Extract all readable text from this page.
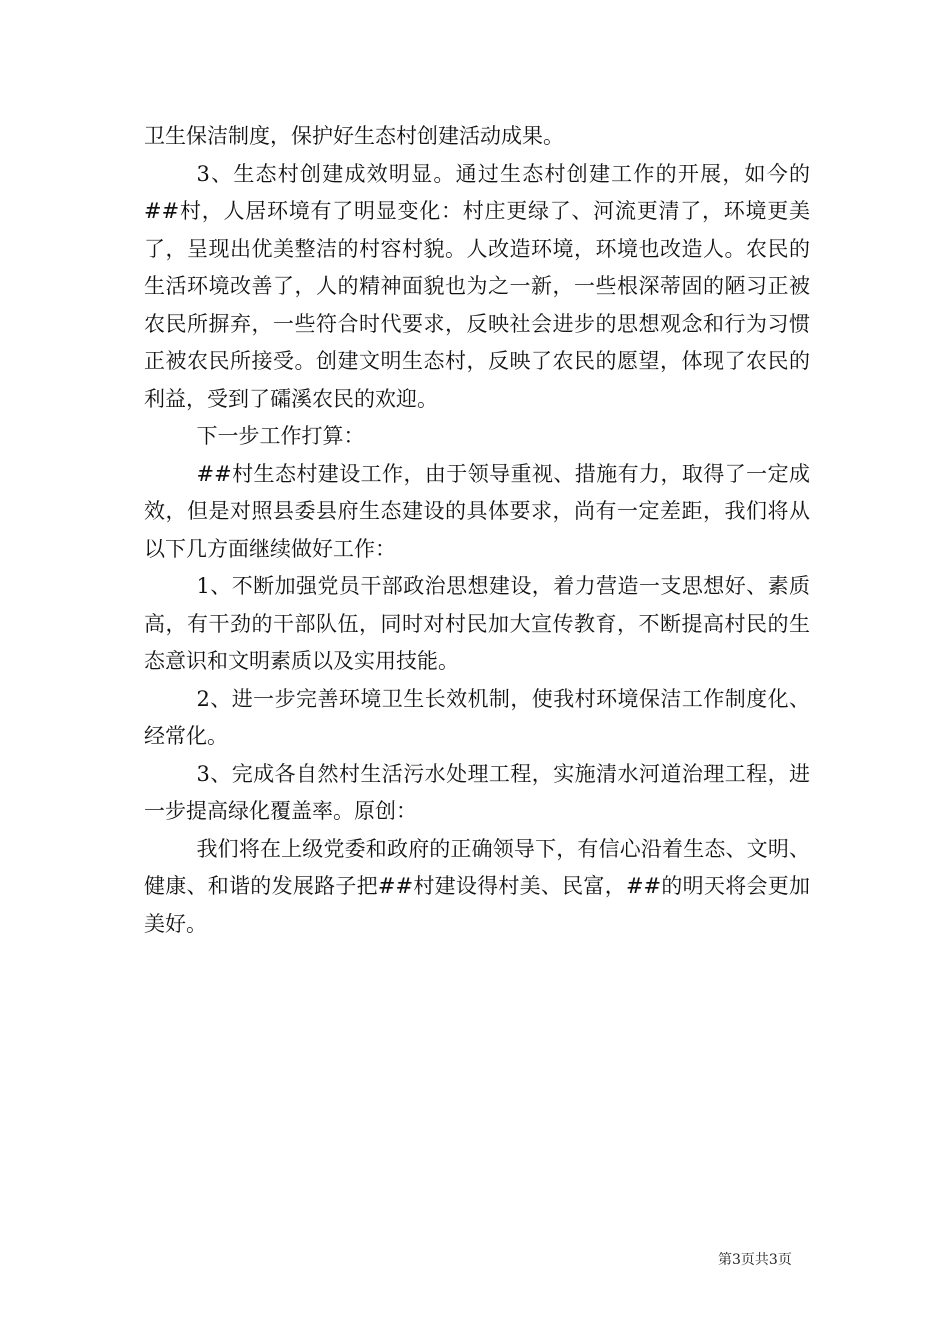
卫生保洁制度，保护好生态村创建活动成果。

3、生态村创建成效明显。通过生态村创建工作的开展，如今的##村，人居环境有了明显变化：村庄更绿了、河流更清了，环境更美了，呈现出优美整洁的村容村貌。人改造环境，环境也改造人。农民的生活环境改善了，人的精神面貌也为之一新，一些根深蒂固的陋习正被农民所摒弃，一些符合时代要求，反映社会进步的思想观念和行为习惯正被农民所接受。创建文明生态村，反映了农民的愿望，体现了农民的利益，受到了礵溪农民的欢迎。

下一步工作打算：

##村生态村建设工作，由于领导重视、措施有力，取得了一定成效，但是对照县委县府生态建设的具体要求，尚有一定差距，我们将从以下几方面继续做好工作：

1、不断加强党员干部政治思想建设，着力营造一支思想好、素质高，有干劲的干部队伍，同时对村民加大宣传教育，不断提高村民的生态意识和文明素质以及实用技能。

2、进一步完善环境卫生长效机制，使我村环境保洁工作制度化、经常化。

3、完成各自然村生活污水处理工程，实施清水河道治理工程，进一步提高绿化覆盖率。原创：

我们将在上级党委和政府的正确领导下，有信心沿着生态、文明、健康、和谐的发展路子把##村建设得村美、民富，##的明天将会更加美好。

第3页共3页
